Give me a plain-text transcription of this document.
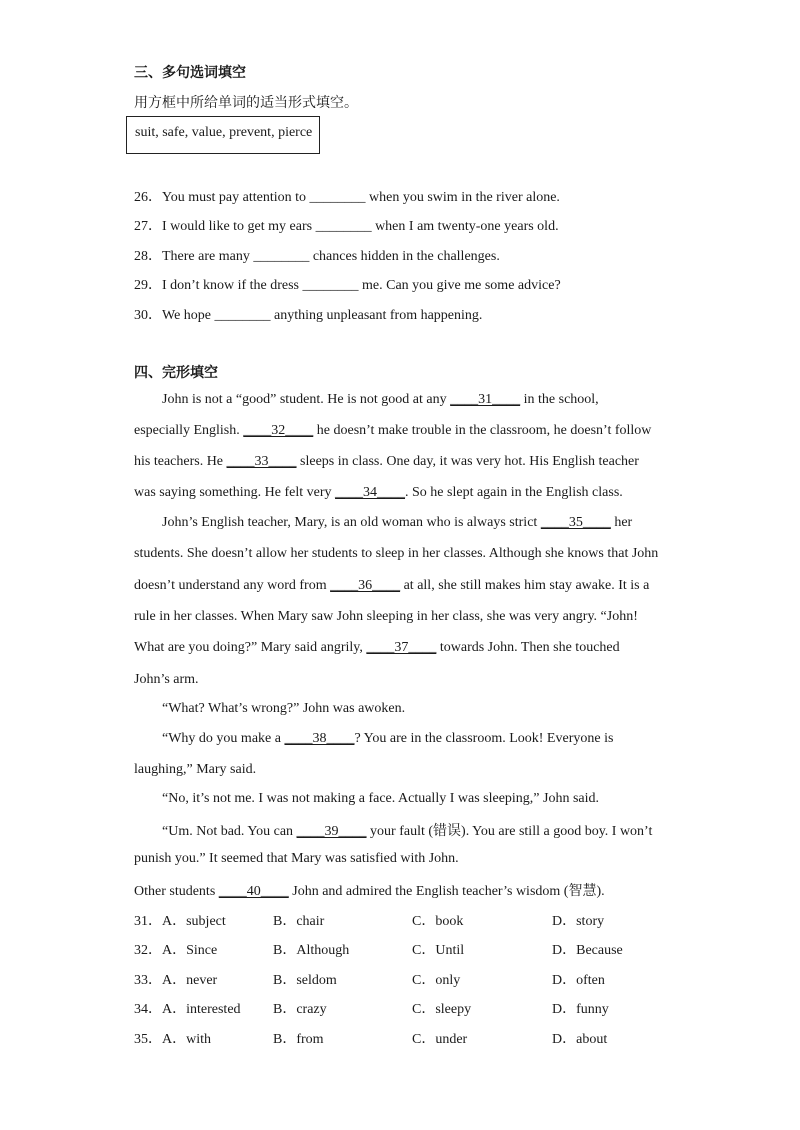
三、多句选词填空
用方框中所给单词的适当形式填空。
suit, safe, value, prevent, pierce
26．You must pay attention to ________ when you swim in the river alone.
27．I would like to get my ears ________ when I am twenty-one years old.
28．There are many ________ chances hidden in the challenges.
29．I don’t know if the dress ________ me. Can you give me some advice?
30．We hope ________ anything unpleasant from happening.
四、完形填空
John is not a “good” student. He is not good at any ____31____ in the school,
especially English. ____32____ he doesn’t make trouble in the classroom, he doesn’t follow
his teachers. He ____33____ sleeps in class. One day, it was very hot. His English teacher
was saying something. He felt very ____34____. So he slept again in the English class.
John’s English teacher, Mary, is an old woman who is always strict ____35____ her
students. She doesn’t allow her students to sleep in her classes. Although she knows that John
doesn’t understand any word from ____36____ at all, she still makes him stay awake. It is a
rule in her classes. When Mary saw John sleeping in her class, she was very angry. “John!
What are you doing?” Mary said angrily, ____37____ towards John. Then she touched
John’s arm.
“What? What’s wrong?” John was awoken.
“Why do you make a ____38____? You are in the classroom. Look! Everyone is
laughing,” Mary said.
“No, it’s not me. I was not making a face. Actually I was sleeping,” John said.
“Um. Not bad. You can ____39____ your fault (错误). You are still a good boy. I won’t
punish you.” It seemed that Mary was satisfied with John.
Other students ____40____ John and admired the English teacher’s wisdom (智慧).
31． A．subject	B．chair	C．book	D．story
32． A．Since	B．Although	C．Until	D．Because
33． A．never	B．seldom	C．only	D．often
34． A．interested B．crazy	C．sleepy	D．funny
35． A．with	B．from	C．under	D．about
